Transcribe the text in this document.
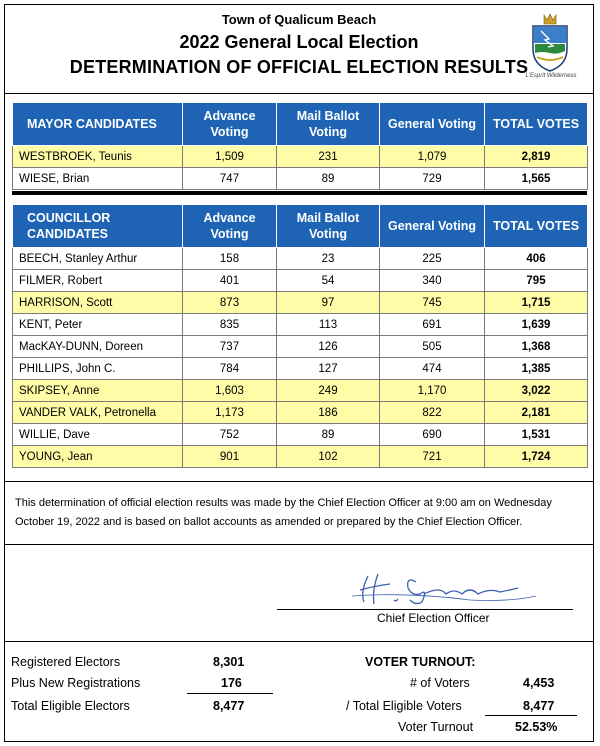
Town of Qualicum Beach
2022 General Local Election
DETERMINATION OF OFFICIAL ELECTION RESULTS
L'Esprit Wilderness
MAYOR CANDIDATES	Advance Voting	Mail Ballot Voting	General Voting	TOTAL VOTES
WESTBROEK, Teunis	1,509	231	1,079	2,819
WIESE, Brian	747	89	729	1,565
COUNCILLOR CANDIDATES	Advance Voting	Mail Ballot Voting	General Voting	TOTAL VOTES
BEECH, Stanley Arthur	158	23	225	406
FILMER, Robert	401	54	340	795
HARRISON, Scott	873	97	745	1,715
KENT, Peter	835	113	691	1,639
MacKAY-DUNN, Doreen	737	126	505	1,368
PHILLIPS, John C.	784	127	474	1,385
SKIPSEY, Anne	1,603	249	1,170	3,022
VANDER VALK, Petronella	1,173	186	822	2,181
WILLIE, Dave	752	89	690	1,531
YOUNG, Jean	901	102	721	1,724
This determination of official election results was made by the Chief Election Officer at 9:00 am on Wednesday
October 19, 2022 and is based on ballot accounts as amended or prepared by the Chief Election Officer.
Chief Election Officer
Registered Electors	8,301
Plus New Registrations	176
Total Eligible Electors	8,477
VOTER TURNOUT:
# of Voters	4,453
/ Total Eligible Voters	8,477
Voter Turnout	52.53%
